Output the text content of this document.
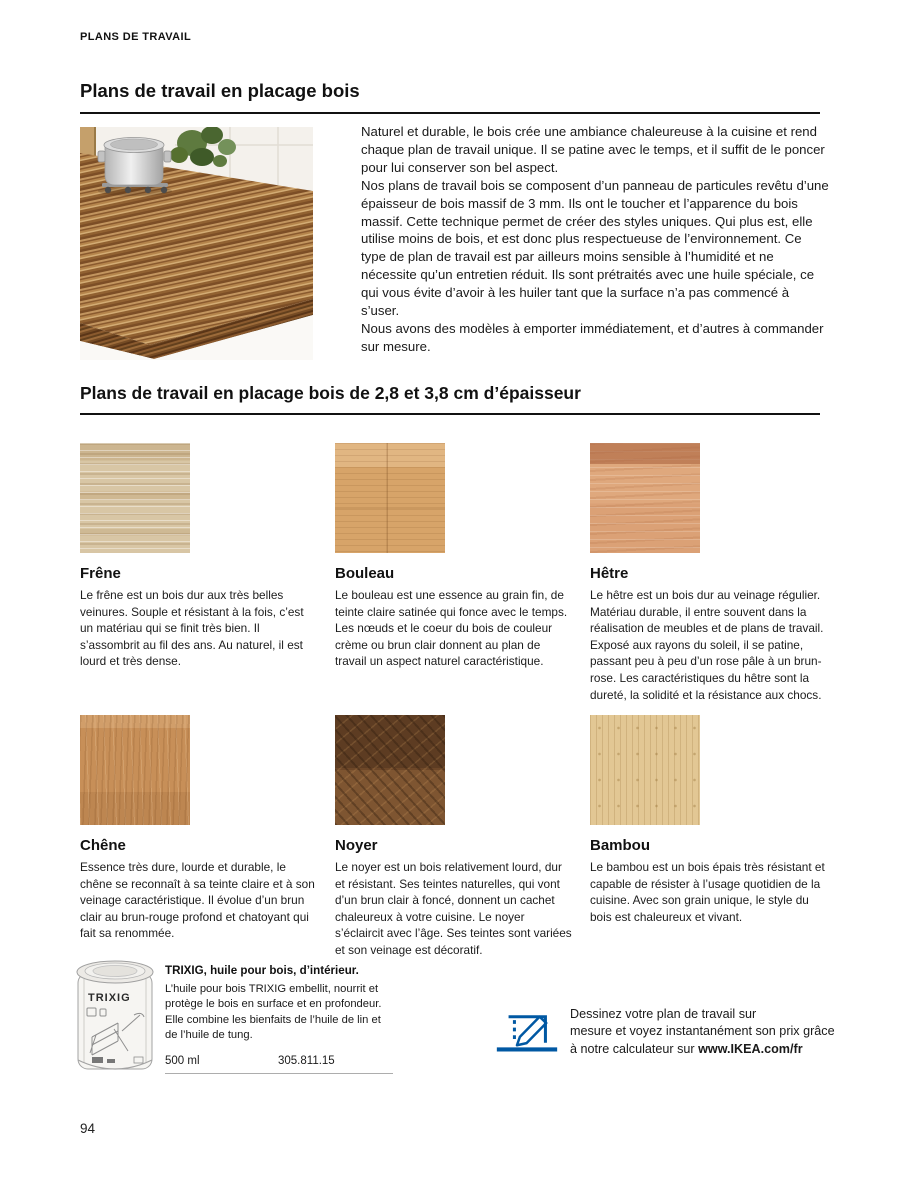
PLANS DE TRAVAIL
Plans de travail en placage bois

Naturel et durable, le bois crée une ambiance chaleureuse à la cuisine et rend chaque plan de travail unique. Il se patine avec le temps, et il suffit de le poncer pour lui conserver son bel aspect.

Nos plans de travail bois se composent d’un panneau de particules revêtu d’une épaisseur de bois massif de 3 mm. Ils ont le toucher et l’apparence du bois massif. Cette technique permet de créer des styles uniques. Qui plus est, elle utilise moins de bois, et est donc plus respectueuse de l’environnement. Ce type de plan de travail est par ailleurs moins sensible à l’humidité et ne nécessite qu’un entretien réduit. Ils sont prétraités avec une huile spéciale, ce qui vous évite d’avoir à les huiler tant que la surface n’a pas commencé à s’user.

Nous avons des modèles à emporter immédiatement, et d’autres à commander sur mesure.

Plans de travail en placage bois de 2,8 et 3,8 cm d’épaisseur
Frêne

Le frêne est un bois dur aux très belles veinures. Souple et résistant à la fois, c’est un matériau qui se finit très bien. Il s’assombrit au fil des ans. Au naturel, il est lourd et très dense.

Bouleau

Le bouleau est une essence au grain fin, de teinte claire satinée qui fonce avec le temps. Les nœuds et le coeur du bois de couleur crème ou brun clair donnent au plan de travail un aspect naturel caractéristique.

Hêtre

Le hêtre est un bois dur au veinage régulier. Matériau durable, il entre souvent dans la réalisation de meubles et de plans de travail. Exposé aux rayons du soleil, il se patine, passant peu à peu d’un rose pâle à un brun-rose. Les caractéristiques du hêtre sont la dureté, la solidité et la résistance aux chocs.

Chêne

Essence très dure, lourde et durable, le chêne se reconnaît à sa teinte claire et à son veinage caractéristique. Il évolue d’un brun clair au brun-rouge profond et chatoyant qui fait sa renommée.

Noyer

Le noyer est un bois relativement lourd, dur et résistant. Ses teintes naturelles, qui vont d’un brun clair à foncé, donnent un cachet chaleureux à votre cuisine. Le noyer s’éclaircit avec l’âge. Ses teintes sont variées et son veinage est décoratif.

Bambou

Le bambou est un bois épais très résistant et capable de résister à l’usage quotidien de la cuisine. Avec son grain unique, le style du bois est chaleureux et vivant.

TRIXIG

TRIXIG, huile pour bois, d’intérieur.

L’huile pour bois TRIXIG embellit, nourrit et protège le bois en surface et en profondeur. Elle combine les bienfaits de l’huile de lin et de l’huile de tung.

500 ml	305.811.15
Dessinez votre plan de travail sur
mesure et voyez instantanément son prix grâce
à notre calculateur sur www.IKEA.com/fr
94
